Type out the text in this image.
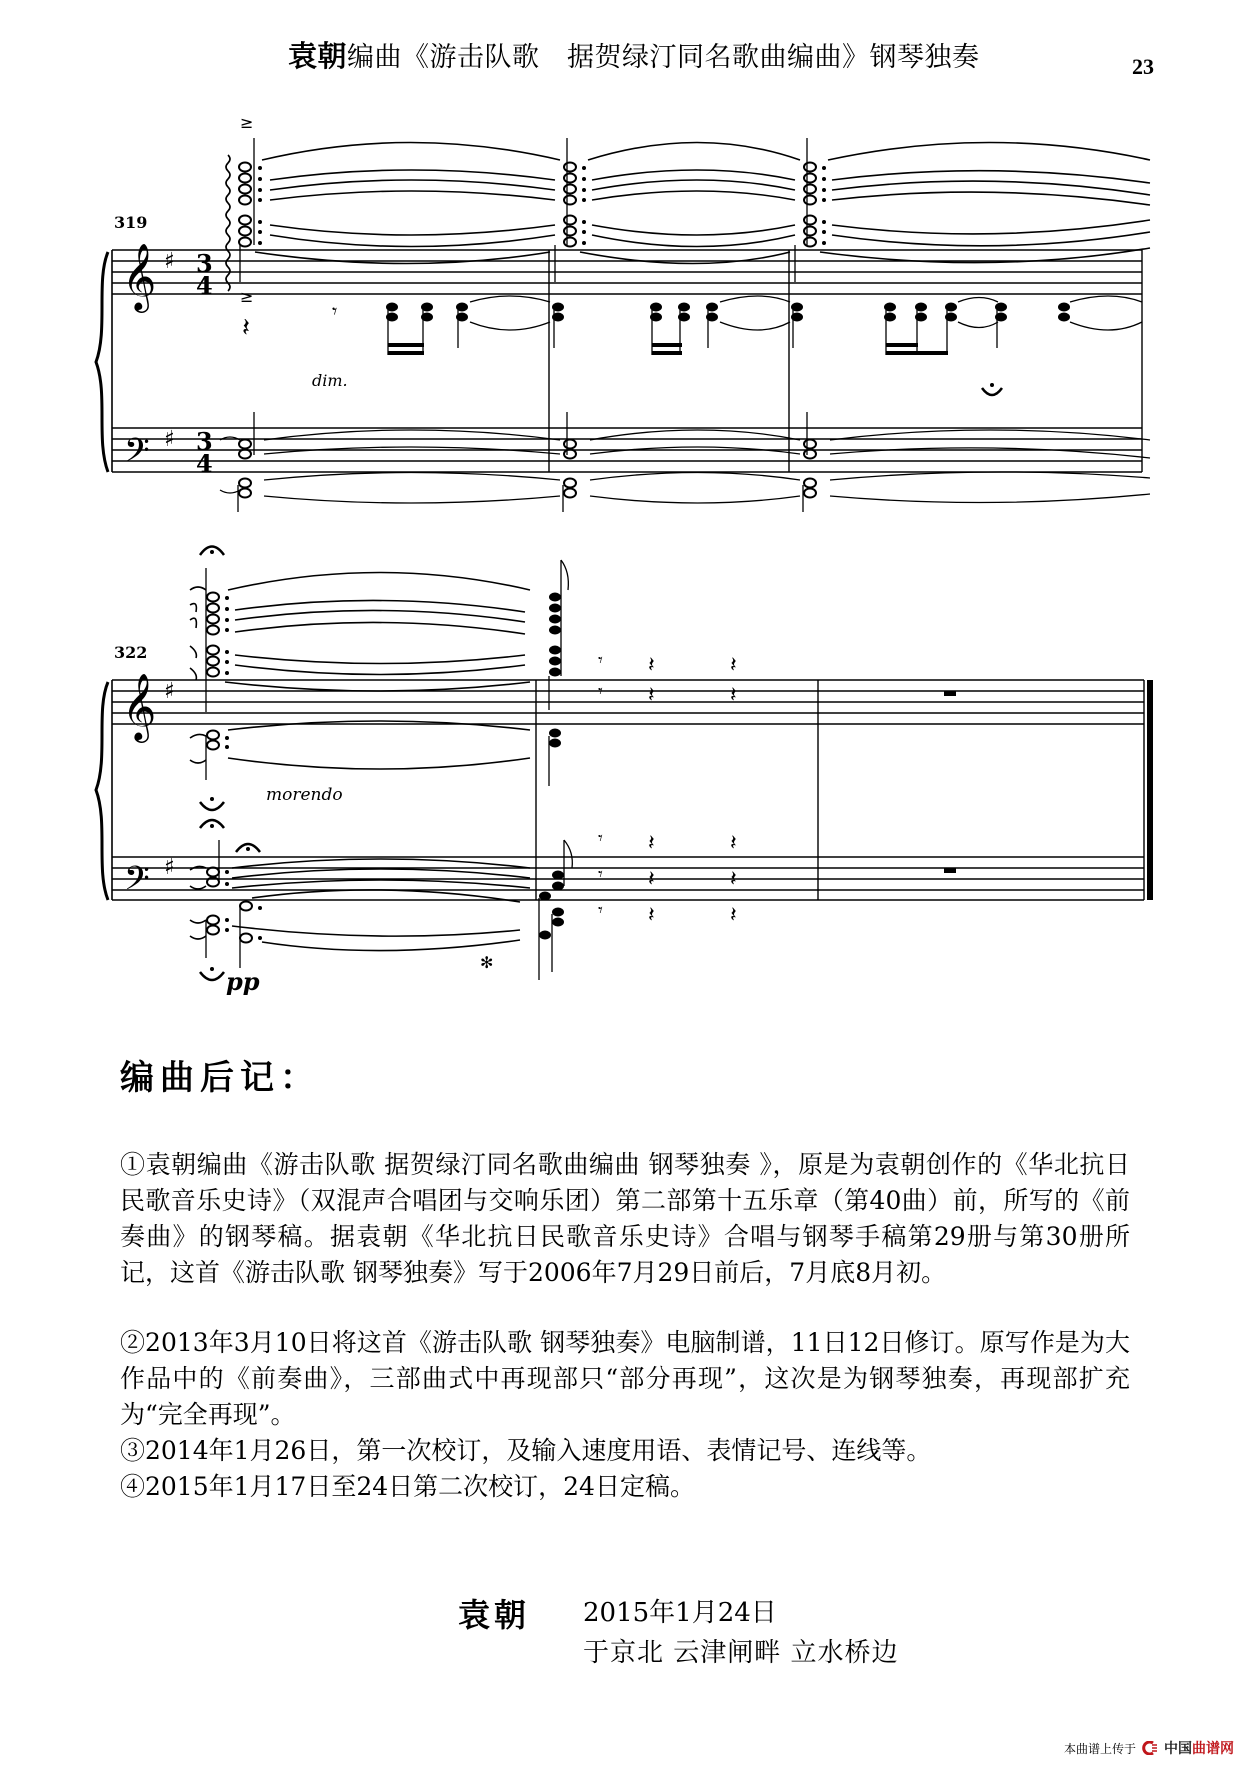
袁朝编曲《游击队歌　据贺绿汀同名歌曲编曲》钢琴独奏	23
𝄞 ♯ 3
4
𝄢 ♯ 3
4
319
𝄞 ♯
𝄢 ♯
322
≥
≥
𝄽
𝄾
dim.
morendo
pp
✻
𝄾
𝄾
𝄽
𝄽
𝄽
𝄽
𝄾
𝄾
𝄾
𝄽
𝄽
𝄽
𝄽
𝄽
𝄽
编曲后记：

①袁朝编曲《游击队歌 据贺绿汀同名歌曲编曲 钢琴独奏 》，原是为袁朝创作的《华北抗日民歌音乐史诗》（双混声合唱团与交响乐团）第二部第十五乐章（第40曲）前，所写的《前奏曲》的钢琴稿。据袁朝《华北抗日民歌音乐史诗》合唱与钢琴手稿第29册与第30册所记，这首《游击队歌 钢琴独奏》写于2006年7月29日前后，7月底8月初。

②2013年3月10日将这首《游击队歌 钢琴独奏》电脑制谱，11日12日修订。原写作是为大作品中的《前奏曲》，三部曲式中再现部只“部分再现”，这次是为钢琴独奏，再现部扩充为“完全再现”。

③2014年1月26日，第一次校订，及输入速度用语、表情记号、连线等。

④2015年1月17日至24日第二次校订，24日定稿。

袁朝 2015年1月24日
于京北 云津闸畔 立水桥边
本曲谱上传于 中国曲谱网
